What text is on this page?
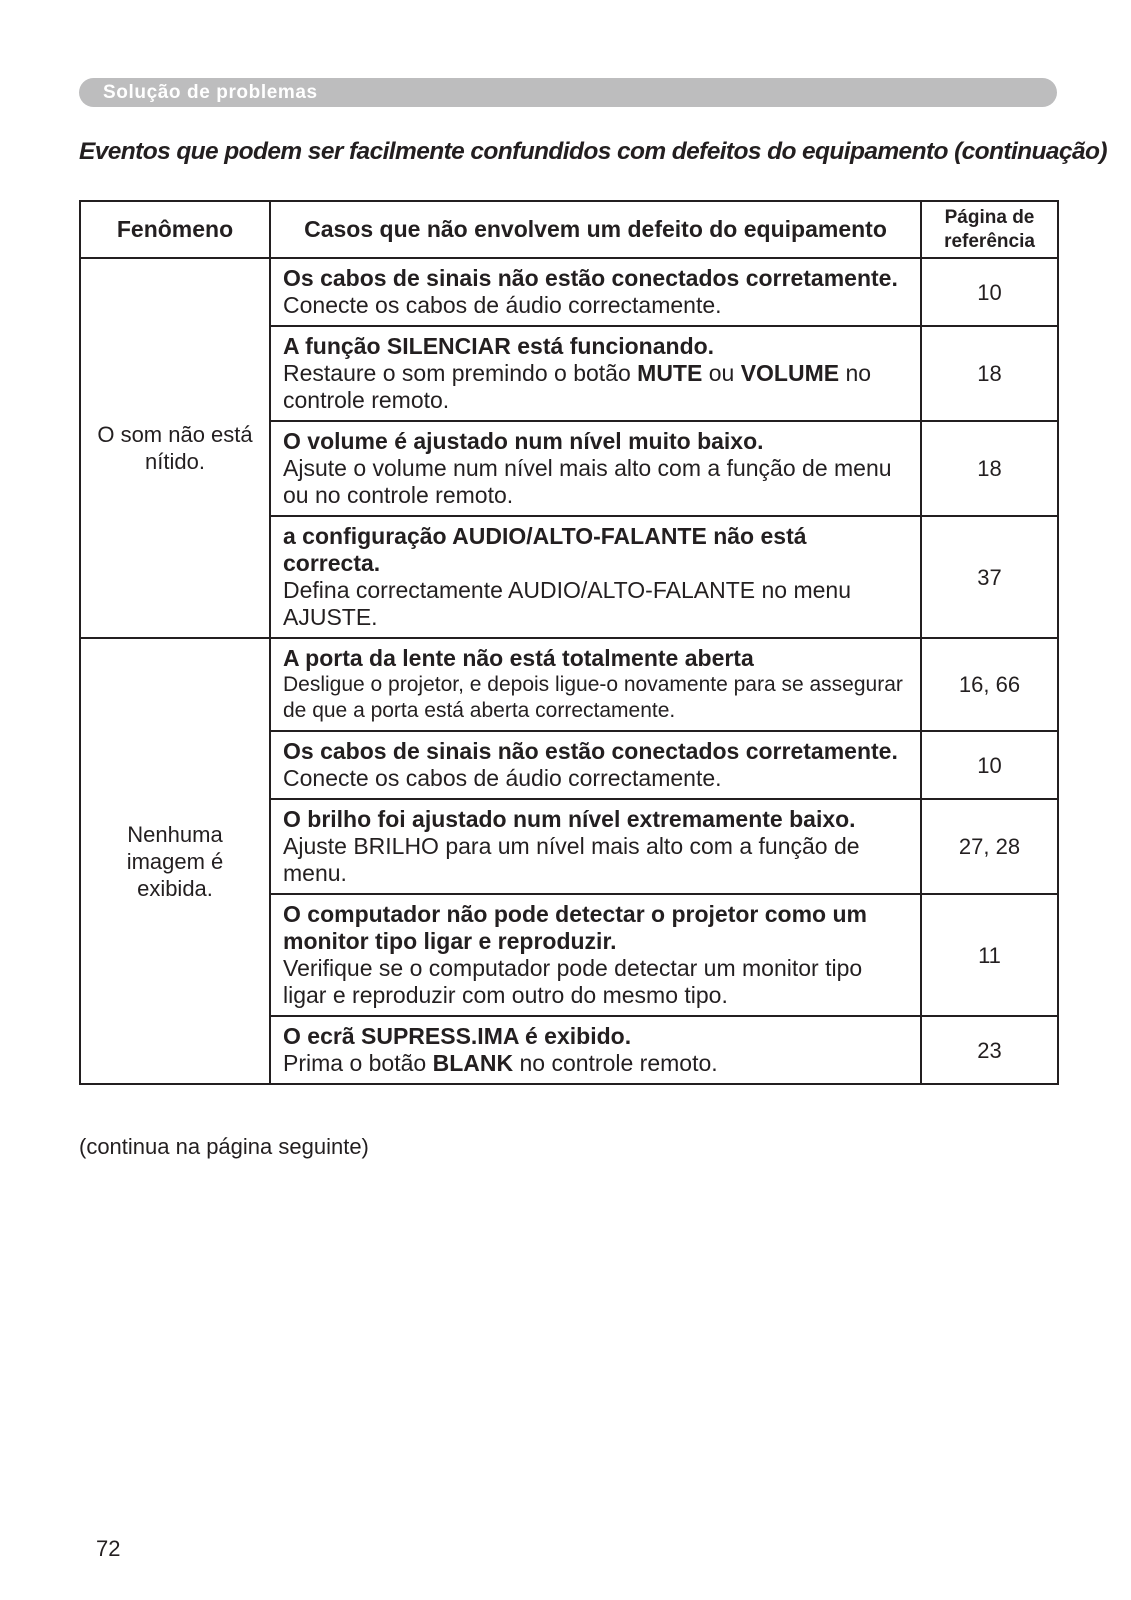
Solução de problemas
Eventos que podem ser facilmente confundidos com defeitos do equipamento (continuação)
Fenômeno	Casos que não envolvem um defeito do equipamento	Página de
referência

O som não está nítido.	Os cabos de sinais não estão conectados corretamente.
Conecte os cabos de áudio correctamente.	10

	A função SILENCIAR está funcionando.
Restaure o som premindo o botão MUTE ou VOLUME no controle remoto.	18

	O volume é ajustado num nível muito baixo.
Ajsute o volume num nível mais alto com a função de menu ou no controle remoto.	18

	a configuração AUDIO/ALTO-FALANTE não está correcta.
Defina correctamente AUDIO/ALTO-FALANTE no menu AJUSTE.	37
Nenhuma imagem é exibida.	A porta da lente não está totalmente aberta
Desligue o projetor, e depois ligue-o novamente para se assegurar de que a porta está aberta correctamente.	16, 66

	Os cabos de sinais não estão conectados corretamente.
Conecte os cabos de áudio correctamente.	10

	O brilho foi ajustado num nível extremamente baixo.
Ajuste BRILHO para um nível mais alto com a função de menu.	27, 28

	O computador não pode detectar o projetor como um monitor tipo ligar e reproduzir.
Verifique se o computador pode detectar um monitor tipo ligar e reproduzir com outro do mesmo tipo.	11

	O ecrã SUPRESS.IMA é exibido.
Prima o botão BLANK no controle remoto.	23
(continua na página seguinte)
72
